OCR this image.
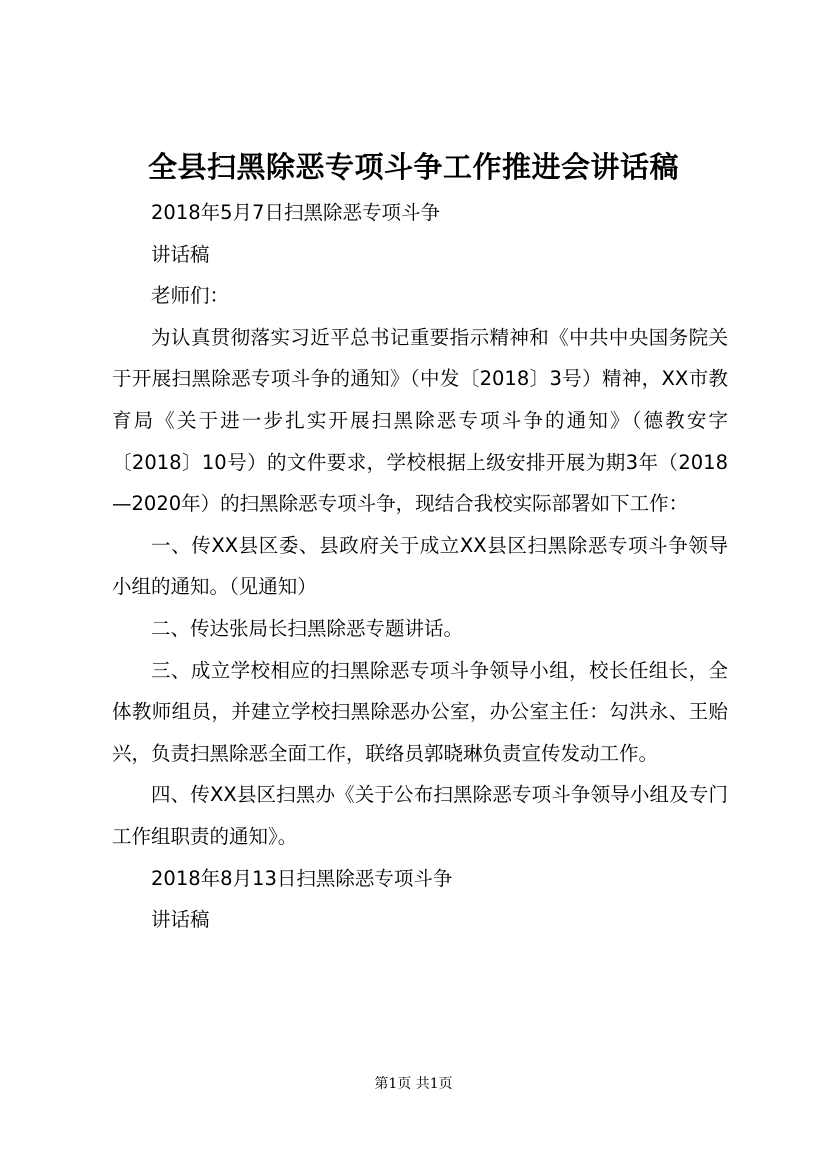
全县扫黑除恶专项斗争工作推进会讲话稿

2018年5月7日扫黑除恶专项斗争

讲话稿

老师们：

为认真贯彻落实习近平总书记重要指示精神和《中共中央国务院关于开展扫黑除恶专项斗争的通知》（中发〔2018〕3号）精神，XX市教育局《关于进一步扎实开展扫黑除恶专项斗争的通知》（德教安字〔2018〕10号）的文件要求，学校根据上级安排开展为期3年（2018—2020年）的扫黑除恶专项斗争，现结合我校实际部署如下工作：

一、传XX县区委、县政府关于成立XX县区扫黑除恶专项斗争领导小组的通知。（见通知）

二、传达张局长扫黑除恶专题讲话。

三、成立学校相应的扫黑除恶专项斗争领导小组，校长任组长，全体教师组员，并建立学校扫黑除恶办公室，办公室主任：勾洪永、王贻兴，负责扫黑除恶全面工作，联络员郭晓琳负责宣传发动工作。

四、传XX县区扫黑办《关于公布扫黑除恶专项斗争领导小组及专门工作组职责的通知》。

2018年8月13日扫黑除恶专项斗争

讲话稿

第1页 共1页
